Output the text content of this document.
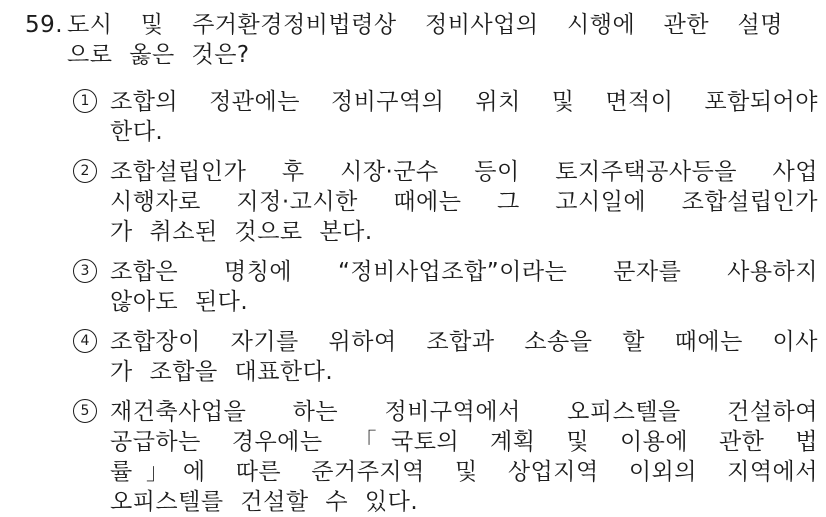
59. 도시 및 주거환경정비법령상 정비사업의 시행에 관한 설명
으로 옳은 것은?
1 조합의 정관에는 정비구역의 위치 및 면적이 포함되어야
한다.
2 조합설립인가 후 시장·군수 등이 토지주택공사등을 사업
시행자로 지정·고시한 때에는 그 고시일에 조합설립인가
가 취소된 것으로 본다.
3 조합은 명칭에 “정비사업조합”이라는 문자를 사용하지
않아도 된다.
4 조합장이 자기를 위하여 조합과 소송을 할 때에는 이사
가 조합을 대표한다.
5 재건축사업을 하는 정비구역에서 오피스텔을 건설하여
공급하는 경우에는 「국토의 계획 및 이용에 관한 법
률」에 따른 준거주지역 및 상업지역 이외의 지역에서
오피스텔를 건설할 수 있다.
